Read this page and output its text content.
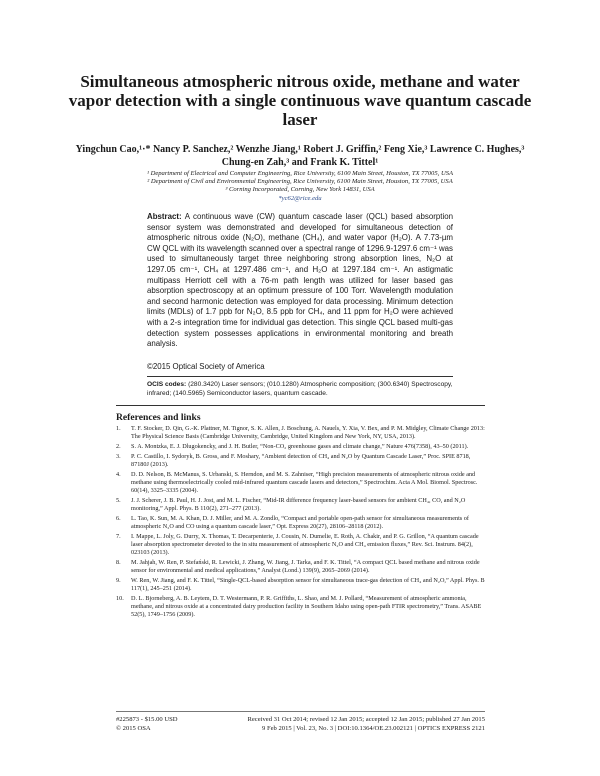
Simultaneous atmospheric nitrous oxide, methane and water vapor detection with a single continuous wave quantum cascade laser
Yingchun Cao,¹·* Nancy P. Sanchez,² Wenzhe Jiang,¹ Robert J. Griffin,² Feng Xie,³ Lawrence C. Hughes,³ Chung-en Zah,³ and Frank K. Tittel¹
¹ Department of Electrical and Computer Engineering, Rice University, 6100 Main Street, Houston, TX 77005, USA
² Department of Civil and Environmental Engineering, Rice University, 6100 Main Street, Houston, TX 77005, USA
³ Corning Incorporated, Corning, New York 14831, USA
*yc62@rice.edu
Abstract: A continuous wave (CW) quantum cascade laser (QCL) based absorption sensor system was demonstrated and developed for simultaneous detection of atmospheric nitrous oxide (N₂O), methane (CH₄), and water vapor (H₂O). A 7.73-µm CW QCL with its wavelength scanned over a spectral range of 1296.9-1297.6 cm⁻¹ was used to simultaneously target three neighboring strong absorption lines, N₂O at 1297.05 cm⁻¹, CH₄ at 1297.486 cm⁻¹, and H₂O at 1297.184 cm⁻¹. An astigmatic multipass Herriott cell with a 76-m path length was utilized for laser based gas absorption spectroscopy at an optimum pressure of 100 Torr. Wavelength modulation and second harmonic detection was employed for data processing. Minimum detection limits (MDLs) of 1.7 ppb for N₂O, 8.5 ppb for CH₄, and 11 ppm for H₂O were achieved with a 2-s integration time for individual gas detection. This single QCL based multi-gas detection system possesses applications in environmental monitoring and breath analysis.
©2015 Optical Society of America
OCIS codes: (280.3420) Laser sensors; (010.1280) Atmospheric composition; (300.6340) Spectroscopy, infrared; (140.5965) Semiconductor lasers, quantum cascade.
References and links
1. T. F. Stocker, D. Qin, G.-K. Plattner, M. Tignor, S. K. Allen, J. Boschung, A. Nauels, Y. Xia, V. Bex, and P. M. Midgley, Climate Change 2013: The Physical Science Basis (Cambridge University, Cambridge, United Kingdom and New York, NY, USA, 2013).
2. S. A. Montzka, E. J. Dlugokencky, and J. H. Butler, “Non-CO₂ greenhouse gases and climate change,” Nature 476(7358), 43–50 (2011).
3. P. C. Castillo, I. Sydoryk, B. Gross, and F. Moshary, “Ambient detection of CH₄ and N₂O by Quantum Cascade Laser,” Proc. SPIE 8718, 87180J (2013).
4. D. D. Nelson, B. McManus, S. Urbanski, S. Herndon, and M. S. Zahniser, “High precision measurements of atmospheric nitrous oxide and methane using thermoelectrically cooled mid-infrared quantum cascade lasers and detectors,” Spectrochim. Acta A Mol. Biomol. Spectrosc. 60(14), 3325–3335 (2004).
5. J. J. Scherer, J. B. Paul, H. J. Jost, and M. L. Fischer, “Mid-IR difference frequency laser-based sensors for ambient CH₄, CO, and N₂O monitoring,” Appl. Phys. B 110(2), 271–277 (2013).
6. L. Tao, K. Sun, M. A. Khan, D. J. Miller, and M. A. Zondlo, “Compact and portable open-path sensor for simultaneous measurements of atmospheric N₂O and CO using a quantum cascade laser,” Opt. Express 20(27), 28106–28118 (2012).
7. I. Mappe, L. Joly, G. Durry, X. Thomas, T. Decarpenterie, J. Cousin, N. Dumelie, E. Roth, A. Chakir, and P. G. Grillon, “A quantum cascade laser absorption spectrometer devoted to the in situ measurement of atmospheric N₂O and CH₄ emission fluxes,” Rev. Sci. Instrum. 84(2), 023103 (2013).
8. M. Jahjah, W. Ren, P. Stefański, R. Lewicki, J. Zhang, W. Jiang, J. Tarka, and F. K. Tittel, “A compact QCL based methane and nitrous oxide sensor for environmental and medical applications,” Analyst (Lond.) 139(9), 2065–2069 (2014).
9. W. Ren, W. Jiang, and F. K. Tittel, “Single-QCL-based absorption sensor for simultaneous trace-gas detection of CH₄ and N₂O,” Appl. Phys. B 117(1), 245–251 (2014).
10. D. L. Bjorneberg, A. B. Leytem, D. T. Westermann, P. R. Griffiths, L. Shao, and M. J. Pollard, “Measurement of atmospheric ammonia, methane, and nitrous oxide at a concentrated dairy production facility in Southern Idaho using open-path FTIR spectrometry,” Trans. ASABE 52(5), 1749–1756 (2009).
#225873 - $15.00 USD
© 2015 OSA
Received 31 Oct 2014; revised 12 Jan 2015; accepted 12 Jan 2015; published 27 Jan 2015
9 Feb 2015 | Vol. 23, No. 3 | DOI:10.1364/OE.23.002121 | OPTICS EXPRESS 2121
